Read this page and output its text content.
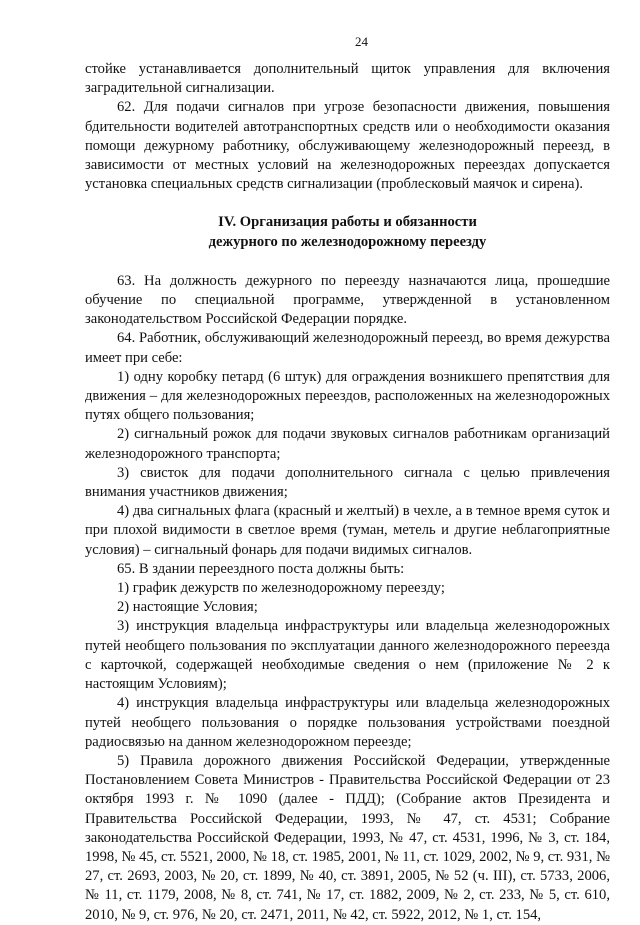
24

стойке устанавливается дополнительный щиток управления для включения заградительной сигнализации.

62. Для подачи сигналов при угрозе безопасности движения, повышения бдительности водителей автотранспортных средств или о необходимости оказания помощи дежурному работнику, обслуживающему железнодорожный переезд, в зависимости от местных условий на железнодорожных переездах допускается установка специальных средств сигнализации (проблесковый маячок и сирена).

IV. Организация работы и обязанности
дежурного по железнодорожному переезду

63. На должность дежурного по переезду назначаются лица, прошедшие обучение по специальной программе, утвержденной в установленном законодательством Российской Федерации порядке.

64. Работник, обслуживающий железнодорожный переезд, во время дежурства имеет при себе:

1) одну коробку петард (6 штук) для ограждения возникшего препятствия для движения – для железнодорожных переездов, расположенных на железнодорожных путях общего пользования;

2) сигнальный рожок для подачи звуковых сигналов работникам организаций железнодорожного транспорта;

3) свисток для подачи дополнительного сигнала с целью привлечения внимания участников движения;

4) два сигнальных флага (красный и желтый) в чехле, а в темное время суток и при плохой видимости в светлое время (туман, метель и другие неблагоприятные условия) – сигнальный фонарь для подачи видимых сигналов.

65. В здании переездного поста должны быть:

1) график дежурств по железнодорожному переезду;

2) настоящие Условия;

3) инструкция владельца инфраструктуры или владельца железнодорожных путей необщего пользования по эксплуатации данного железнодорожного переезда с карточкой, содержащей необходимые сведения о нем (приложение № 2 к настоящим Условиям);

4) инструкция владельца инфраструктуры или владельца железнодорожных путей необщего пользования о порядке пользования устройствами поездной радиосвязью на данном железнодорожном переезде;

5) Правила дорожного движения Российской Федерации, утвержденные Постановлением Совета Министров - Правительства Российской Федерации от 23 октября 1993 г. № 1090 (далее - ПДД); (Собрание актов Президента и Правительства Российской Федерации, 1993, № 47, ст. 4531; Собрание законодательства Российской Федерации, 1993, № 47, ст. 4531, 1996, № 3, ст. 184, 1998, № 45, ст. 5521, 2000, № 18, ст. 1985, 2001, № 11, ст. 1029, 2002, № 9, ст. 931, № 27, ст. 2693, 2003, № 20, ст. 1899, № 40, ст. 3891, 2005, № 52 (ч. III), ст. 5733, 2006, № 11, ст. 1179, 2008, № 8, ст. 741, № 17, ст. 1882, 2009, № 2, ст. 233, № 5, ст. 610, 2010, № 9, ст. 976, № 20, ст. 2471, 2011, № 42, ст. 5922, 2012, № 1, ст. 154,
